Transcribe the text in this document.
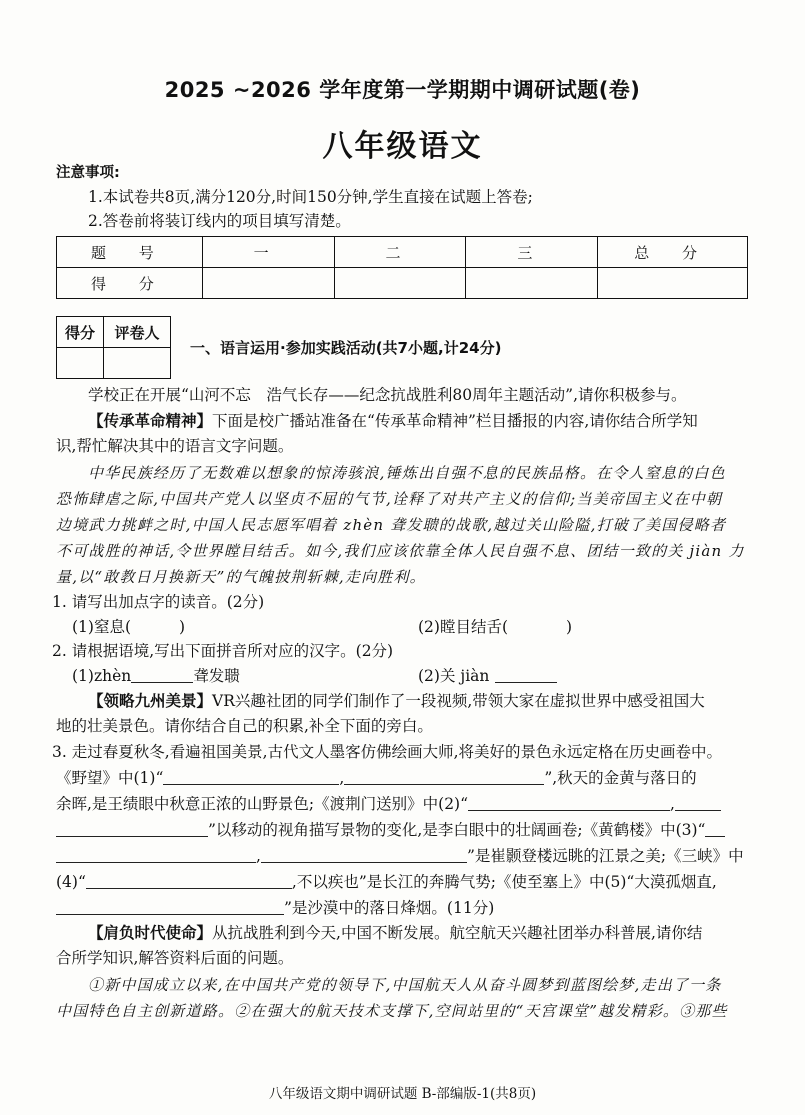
2025 ~2026 学年度第一学期期中调研试题(卷)
八年级语文
注意事项:
1.本试卷共8页,满分120分,时间150分钟,学生直接在试题上答卷;
2.答卷前将装订线内的项目填写清楚。
题 号	一	二	三	总 分
得 分				
得分	评卷人

一、语言运用·参加实践活动(共7小题,计24分)
学校正在开展“山河不忘　浩气长存——纪念抗战胜利80周年主题活动”,请你积极参与。
【传承革命精神】下面是校广播站准备在“传承革命精神”栏目播报的内容,请你结合所学知
识,帮忙解决其中的语言文字问题。
中华民族经历了无数难以想象的惊涛骇浪,锤炼出自强不息的民族品格。在令人窒息的白色
恐怖肆虐之际,中国共产党人以坚贞不屈的气节,诠释了对共产主义的信仰;当美帝国主义在中朝
边境武力挑衅之时,中国人民志愿军唱着 zhèn 聋发聩的战歌,越过关山险隘,打破了美国侵略者
不可战胜的神话,令世界瞠目结舌。如今,我们应该依靠全体人民自强不息、团结一致的关 jiàn 力
量,以“敢教日月换新天”的气魄披荆斩棘,走向胜利。
1. 请写出加点字的读音。(2分)
(1)窒息(	)	(2)瞠目结舌(	)
2. 请根据语境,写出下面拼音所对应的汉字。(2分)
(1)zhèn	聋发聩	(2)关 jiàn
【领略九州美景】VR兴趣社团的同学们制作了一段视频,带领大家在虚拟世界中感受祖国大
地的壮美景色。请你结合自己的积累,补全下面的旁白。
3. 走过春夏秋冬,看遍祖国美景,古代文人墨客仿佛绘画大师,将美好的景色永远定格在历史画卷中。
《野望》中(1)“	,	”,秋天的金黄与落日的
余晖,是王绩眼中秋意正浓的山野景色;《渡荆门送别》中(2)“	,
”以移动的视角描写景物的变化,是李白眼中的壮阔画卷;《黄鹤楼》中(3)“
,	”是崔颢登楼远眺的江景之美;《三峡》中
(4)“	,不以疾也”是长江的奔腾气势;《使至塞上》中(5)“大漠孤烟直,
”是沙漠中的落日烽烟。(11分)
【肩负时代使命】从抗战胜利到今天,中国不断发展。航空航天兴趣社团举办科普展,请你结
合所学知识,解答资料后面的问题。
①新中国成立以来,在中国共产党的领导下,中国航天人从奋斗圆梦到蓝图绘梦,走出了一条
中国特色自主创新道路。②在强大的航天技术支撑下,空间站里的“天宫课堂”越发精彩。③那些
八年级语文期中调研试题 B-部编版-1(共8页)
